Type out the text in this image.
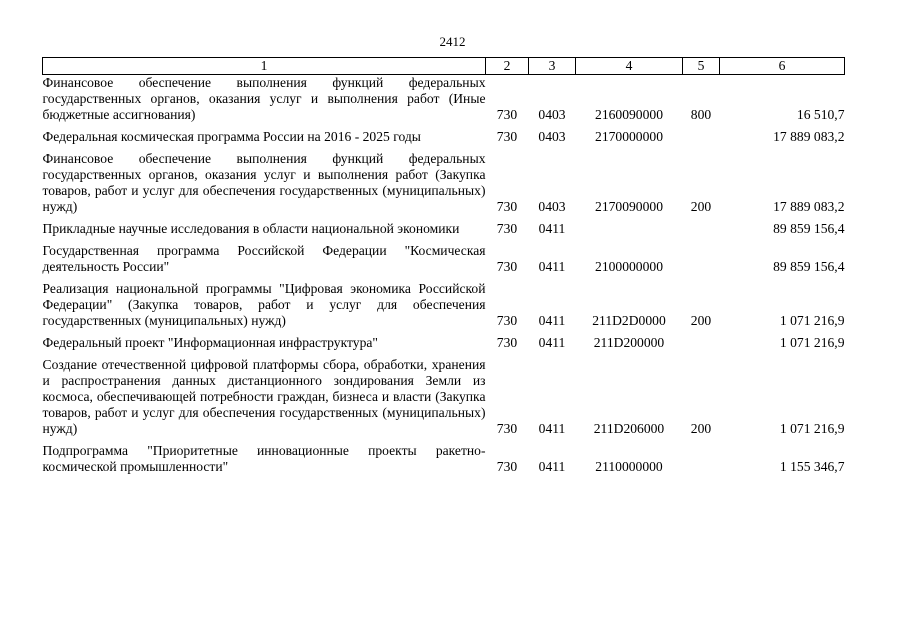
2412
1	2	3	4	5	6
Финансовое обеспечение выполнения функций федеральных государственных органов, оказания услуг и выполнения работ (Иные бюджетные ассигнования)	730	0403	2160090000	800	16 510,7
Федеральная космическая программа России на 2016 - 2025 годы	730	0403	2170000000		17 889 083,2
Финансовое обеспечение выполнения функций федеральных государственных органов, оказания услуг и выполнения работ (Закупка товаров, работ и услуг для обеспечения государственных (муниципальных) нужд)	730	0403	2170090000	200	17 889 083,2
Прикладные научные исследования в области национальной экономики	730	0411			89 859 156,4
Государственная программа Российской Федерации "Космическая деятельность России"	730	0411	2100000000		89 859 156,4
Реализация национальной программы "Цифровая экономика Российской Федерации" (Закупка товаров, работ и услуг для обеспечения государственных (муниципальных) нужд)	730	0411	211D2D0000	200	1 071 216,9
Федеральный проект "Информационная инфраструктура"	730	0411	211D200000		1 071 216,9
Создание отечественной цифровой платформы сбора, обработки, хранения и распространения данных дистанционного зондирования Земли из космоса, обеспечивающей потребности граждан, бизнеса и власти (Закупка товаров, работ и услуг для обеспечения государственных (муниципальных) нужд)	730	0411	211D206000	200	1 071 216,9
Подпрограмма "Приоритетные инновационные проекты ракетно-космической промышленности"	730	0411	2110000000		1 155 346,7
